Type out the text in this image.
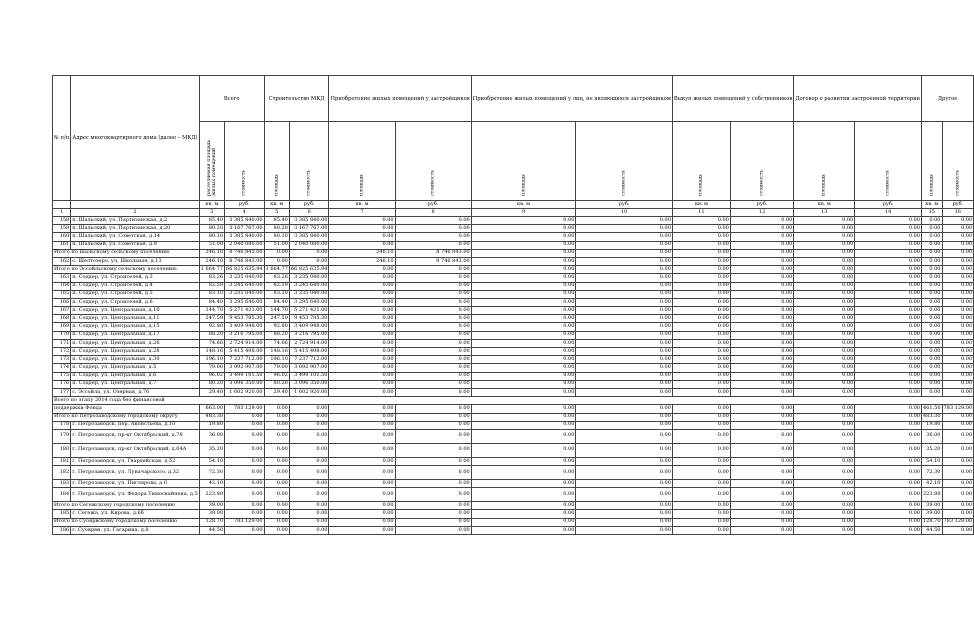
№ п/п	Адрес многоквартирного дома (далее – МКД)	Всего		Строительство МКД		Приобретение жилых помещений у застройщиков		Приобретение жилых помещений у лиц, не являющихся застройщиком		Выкуп жилых помещений у собственников		Договор о развитии застроенной территории		Другое	

		расселяемая площадь жилых помещений	стоимость	площадь	стоимость	площадь	стоимость	площадь	стоимость	площадь	стоимость	площадь	стоимость	площадь	стоимость

		кв. м	руб.	кв. м	руб.	кв. м	руб.	кв. м	руб.	кв. м	руб.	кв. м	руб.	кв. м	руб.
1	2	3	4	5	6	7	8	9	10	11	12	13	14	15	16
158	п. Шальский, ул. Партизанская, д.2	85.40	3 385 840.00	85.40	3 385 840.00	0.00	0.00	0.00	0.00	0.00	0.00	0.00	0.00	0.00	0.00
159	п. Шальский, ул. Партизанская, д.20	80.20	3 167 767.00	80.20	3 167 767.00	0.00	0.00	0.00	0.00	0.00	0.00	0.00	0.00	0.00	0.00
160	п. Шальский, ул. Советская, д.14	80.10	3 385 840.00	80.10	3 385 840.00	0.00	0.00	0.00	0.00	0.00	0.00	0.00	0.00	0.00	0.00
161	п. Шальский, ул. Советская, д.9	51.00	2 040 080.00	51.00	2 040 080.00	0.00	0.00	0.00	0.00	0.00	0.00	0.00	0.00	0.00	0.00
Итого по Шальскому сельскому поселению		246.10	8 746 843.00	0.00	0.00	246.10	8 746 843.00	0.00	0.00	0.00	0.00	0.00	0.00	0.00	0.00
162	с. Шелтозеро, ул. Школьная, д.13	246.10	8 746 843.00	0.00	0.00	246.10	8 746 843.00	0.00	0.00	0.00	0.00	0.00	0.00	0.00	0.00
Итого по Эссойльскому сельскому поселению		1 664.77	66 825 635.94	1 664.77	66 825 635.94	0.00	0.00	0.00	0.00	0.00	0.00	0.00	0.00	0.00	0.00
163	п. Соддер, ул. Строителей, д.3	83.26	3 235 040.00	83.26	3 235 040.00	0.00	0.00	0.00	0.00	0.00	0.00	0.00	0.00	0.00	0.00
164	п. Соддер, ул. Строителей, д.4	82.59	3 245 640.00	82.59	3 245 640.00	0.00	0.00	0.00	0.00	0.00	0.00	0.00	0.00	0.00	0.00
165	п. Соддер, ул. Строителей, д.5	83.10	3 235 040.00	83.10	3 235 040.00	0.00	0.00	0.00	0.00	0.00	0.00	0.00	0.00	0.00	0.00
166	п. Соддер, ул. Строителей, д.6	84.40	3 295 640.00	84.40	3 295 640.00	0.00	0.00	0.00	0.00	0.00	0.00	0.00	0.00	0.00	0.00
167	п. Соддер, ул. Центральная, д.10	144.70	5 271 421.00	144.70	5 271 421.00	0.00	0.00	0.00	0.00	0.00	0.00	0.00	0.00	0.00	0.00
168	п. Соддер, ул. Центральная, д.11	247.59	9 453 785.30	247.59	9 453 785.30	0.00	0.00	0.00	0.00	0.00	0.00	0.00	0.00	0.00	0.00
169	п. Соддер, ул. Центральная, д.15	92.80	3 409 948.00	92.80	3 409 948.00	0.00	0.00	0.00	0.00	0.00	0.00	0.00	0.00	0.00	0.00
170	п. Соддер, ул. Центральная, д.17	88.20	3 216 795.00	88.20	3 216 795.00	0.00	0.00	0.00	0.00	0.00	0.00	0.00	0.00	0.00	0.00
171	п. Соддер, ул. Центральная, д.26	74.66	2 724 914.00	74.66	2 724 914.00	0.00	0.00	0.00	0.00	0.00	0.00	0.00	0.00	0.00	0.00
172	п. Соддер, ул. Центральная, д.28	148.16	5 415 498.00	148.16	5 415 498.00	0.00	0.00	0.00	0.00	0.00	0.00	0.00	0.00	0.00	0.00
173	п. Соддер, ул. Центральная, д.30	196.10	7 237 712.00	196.10	7 237 712.00	0.00	0.00	0.00	0.00	0.00	0.00	0.00	0.00	0.00	0.00
174	п. Соддер, ул. Центральная, д.5	79.00	3 092 907.00	79.00	3 092 907.00	0.00	0.00	0.00	0.00	0.00	0.00	0.00	0.00	0.00	0.00
175	п. Соддер, ул. Центральная, д.6	96.02	3 499 101.50	96.02	3 499 101.50	0.00	0.00	0.00	0.00	0.00	0.00	0.00	0.00	0.00	0.00
176	п. Соддер, ул. Центральная, д.7	80.20	3 096 350.00	80.20	3 096 350.00	0.00	0.00	0.00	0.00	0.00	0.00	0.00	0.00	0.00	0.00
177	с. Эссойла, ул. Озерная, д.76	29.40	1 602 920.00	29.40	1 602 920.00	0.00	0.00	0.00	0.00	0.00	0.00	0.00	0.00	0.00	0.00
Всего по этапу 2014 года без финансовой															
поддержки Фонда		663.00	783 129.00	0.00	0.00	0.00	0.00	0.00	0.00	0.00	0.00	0.00	0.00	461.50	783 129.00
Итого по Петрозаводскому городскому округу		483.30	0.00	0.00	0.00	0.00	0.00	0.00	0.00	0.00	0.00	0.00	0.00	483.30	0.00
178	г. Петрозаводск, пер. Аконстьева, д.10	19.80	0.00	0.00	0.00	0.00	0.00	0.00	0.00	0.00	0.00	0.00	0.00	19.80	0.00
179	г. Петрозаводск, пр-кт Октябрьский, д.78	36.00	0.00	0.00	0.00	0.00	0.00	0.00	0.00	0.00	0.00	0.00	0.00	36.00	0.00
180	г. Петрозаводск, пр-кт Октябрьский, д.64А	35.20	0.00	0.00	0.00	0.00	0.00	0.00	0.00	0.00	0.00	0.00	0.00	35.20	0.00
181	г. Петрозаводск, ул. Гвардейская, д.52	54.10	0.00	0.00	0.00	0.00	0.00	0.00	0.00	0.00	0.00	0.00	0.00	54.10	0.00
182	г. Петрозаводск, ул. Луначарского, д.32	72.30	0.00	0.00	0.00	0.00	0.00	0.00	0.00	0.00	0.00	0.00	0.00	72.30	0.00
183	г. Петрозаводск, ул. Пиглярова, д.6	42.10	0.00	0.00	0.00	0.00	0.00	0.00	0.00	0.00	0.00	0.00	0.00	42.10	0.00
184	г. Петрозаводск, ул. Федора Тимоскайнена, д.5	223.80	0.00	0.00	0.00	0.00	0.00	0.00	0.00	0.00	0.00	0.00	0.00	223.80	0.00
Итого по Сегежскому городскому поселению		39.00	0.00	0.00	0.00	0.00	0.00	0.00	0.00	0.00	0.00	0.00	0.00	39.00	0.00
185	г. Сегежа, ул. Кирова, д.6б	39.00	0.00	0.00	0.00	0.00	0.00	0.00	0.00	0.00	0.00	0.00	0.00	39.00	0.00
Итого по Суоярвскому городскому поселению		128.70	783 129.00	0.00	0.00	0.00	0.00	0.00	0.00	0.00	0.00	0.00	0.00	128.70	783 129.00
186	г. Суоярви, ул. Гагарина, д.8	44.50	0.00	0.00	0.00	0.00	0.00	0.00	0.00	0.00	0.00	0.00	0.00	44.50	0.00
